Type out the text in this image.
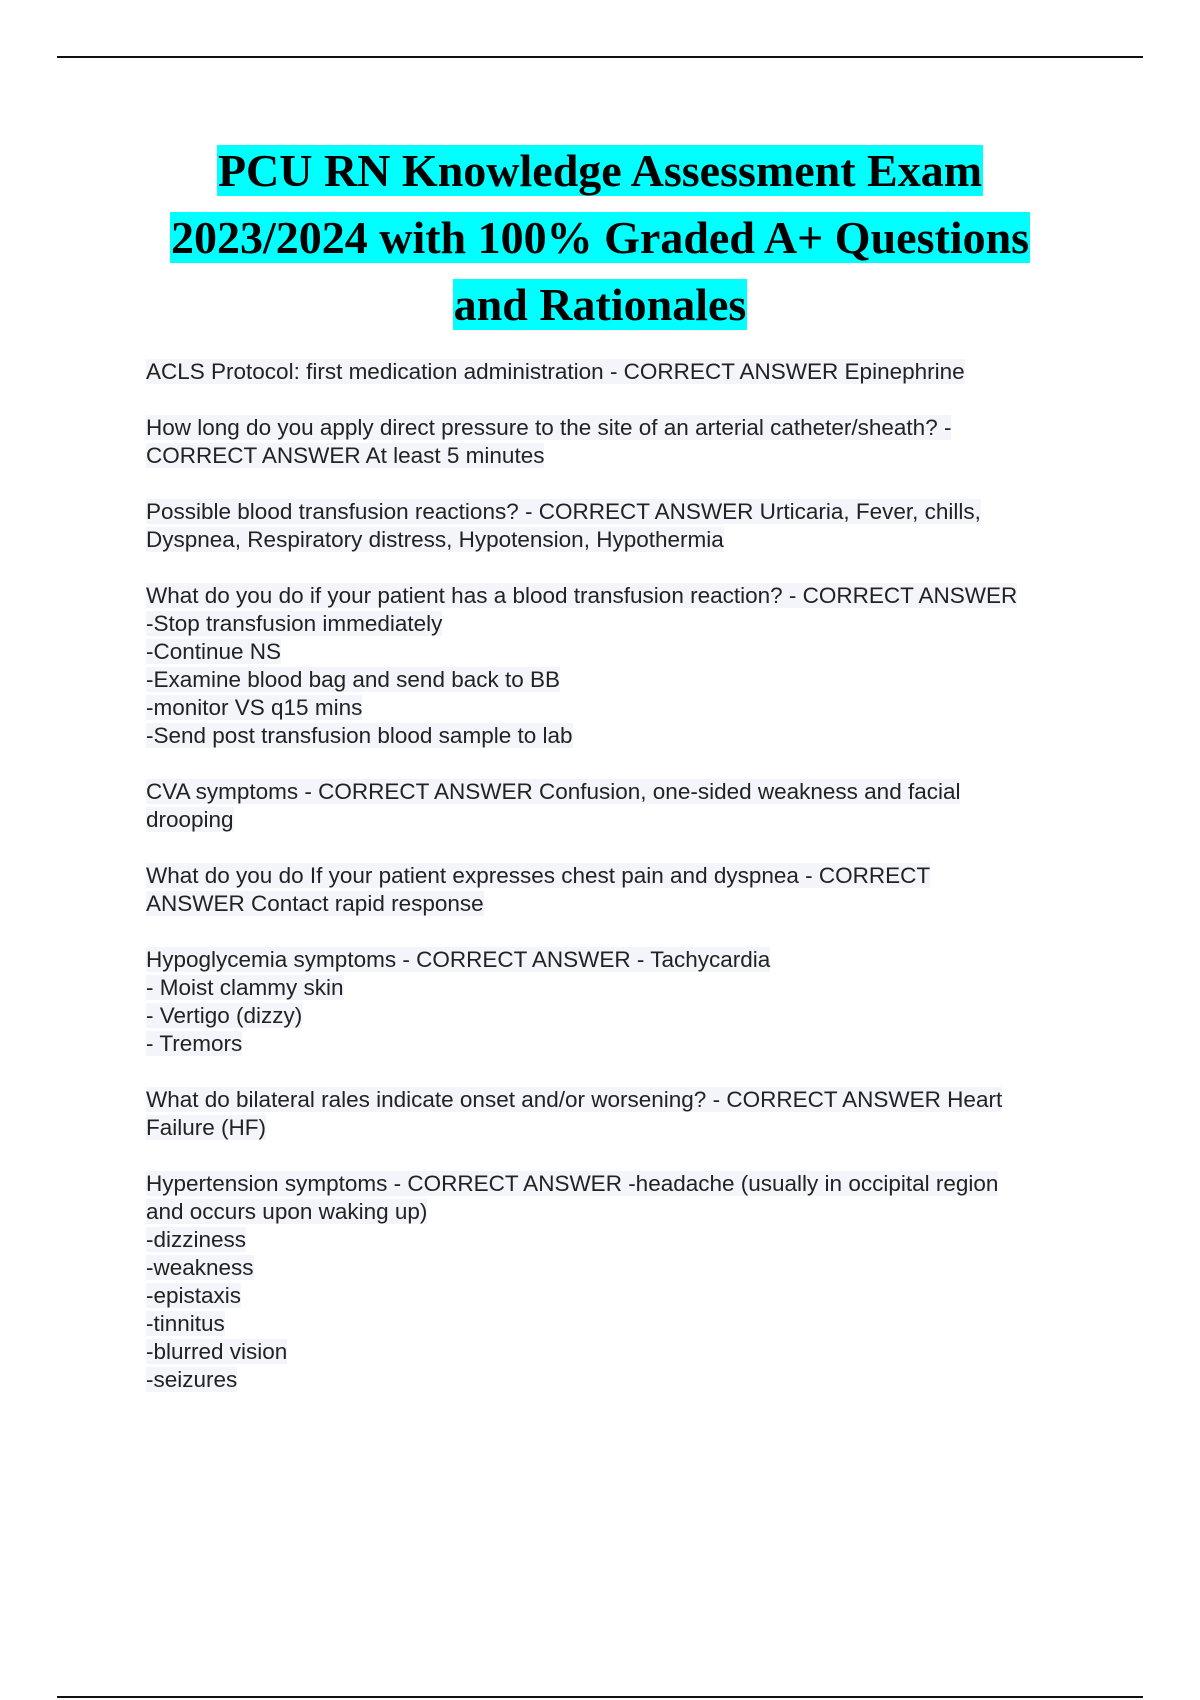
PCU RN Knowledge Assessment Exam
2023/2024 with 100% Graded A+ Questions
and Rationales
ACLS Protocol: first medication administration - CORRECT ANSWER Epinephrine
How long do you apply direct pressure to the site of an arterial catheter/sheath? -
CORRECT ANSWER At least 5 minutes
Possible blood transfusion reactions? - CORRECT ANSWER Urticaria, Fever, chills,
Dyspnea, Respiratory distress, Hypotension, Hypothermia
What do you do if your patient has a blood transfusion reaction? - CORRECT ANSWER
-Stop transfusion immediately
-Continue NS
-Examine blood bag and send back to BB
-monitor VS q15 mins
-Send post transfusion blood sample to lab
CVA symptoms - CORRECT ANSWER Confusion, one-sided weakness and facial
drooping
What do you do If your patient expresses chest pain and dyspnea - CORRECT
ANSWER Contact rapid response
Hypoglycemia symptoms - CORRECT ANSWER - Tachycardia
- Moist clammy skin
- Vertigo (dizzy)
- Tremors
What do bilateral rales indicate onset and/or worsening? - CORRECT ANSWER Heart
Failure (HF)
Hypertension symptoms - CORRECT ANSWER -headache (usually in occipital region
and occurs upon waking up)
-dizziness
-weakness
-epistaxis
-tinnitus
-blurred vision
-seizures
